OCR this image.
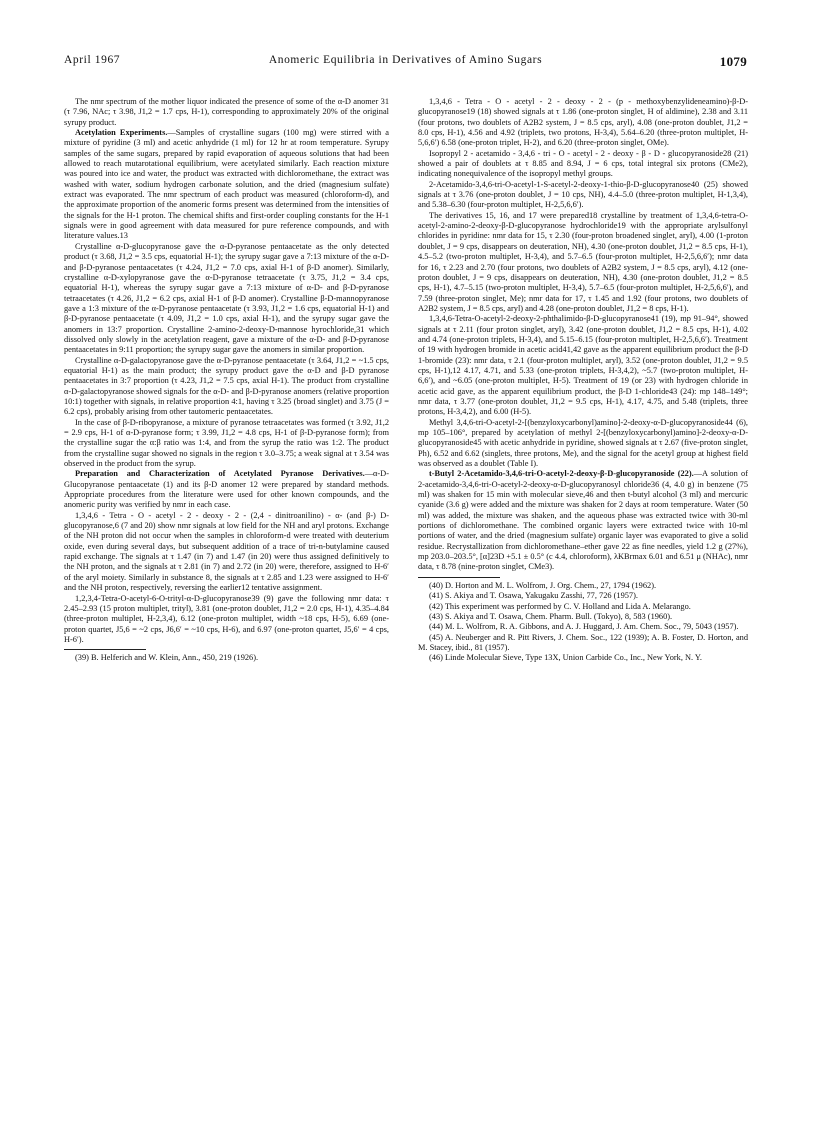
April 1967	Anomeric Equilibria in Derivatives of Amino Sugars	1079

The nmr spectrum of the mother liquor indicated the presence of some of the α-D anomer 31 (τ 7.96, NAc; τ 3.98, J1,2 = 1.7 cps, H-1), corresponding to approximately 20% of the original syrupy product.

Acetylation Experiments.—Samples of crystalline sugars (100 mg) were stirred with a mixture of pyridine (3 ml) and acetic anhydride (1 ml) for 12 hr at room temperature. Syrupy samples of the same sugars, prepared by rapid evaporation of aqueous solutions that had been allowed to reach mutarotational equilibrium, were acetylated similarly. Each reaction mixture was poured into ice and water, the product was extracted with dichloromethane, the extract was washed with water, sodium hydrogen carbonate solution, and the dried (magnesium sulfate) extract was evaporated. The nmr spectrum of each product was measured (chloroform-d), and the approximate proportion of the anomeric forms present was determined from the intensities of the signals for the H-1 proton. The chemical shifts and first-order coupling constants for the H-1 signals were in good agreement with data measured for pure reference compounds, and with literature values.13

Crystalline α-D-glucopyranose gave the α-D-pyranose pentaacetate as the only detected product (τ 3.68, J1,2 = 3.5 cps, equatorial H-1); the syrupy sugar gave a 7:13 mixture of the α-D- and β-D-pyranose pentaacetates (τ 4.24, J1,2 = 7.0 cps, axial H-1 of β-D anomer). Similarly, crystalline α-D-xylopyranose gave the α-D-pyranose tetraacetate (τ 3.75, J1,2 = 3.4 cps, equatorial H-1), whereas the syrupy sugar gave a 7:13 mixture of α-D- and β-D-pyranose tetraacetates (τ 4.26, J1,2 = 6.2 cps, axial H-1 of β-D anomer). Crystalline β-D-mannopyranose gave a 1:3 mixture of the α-D-pyranose pentaacetate (τ 3.93, J1,2 = 1.6 cps, equatorial H-1) and β-D-pyranose pentaacetate (τ 4.09, J1,2 = 1.0 cps, axial H-1), and the syrupy sugar gave the anomers in 13:7 proportion. Crystalline 2-amino-2-deoxy-D-mannose hyrochloride,31 which dissolved only slowly in the acetylation reagent, gave a mixture of the α-D- and β-D-pyranose pentaacetates in 9:11 proportion; the syrupy sugar gave the anomers in similar proportion.

Crystalline α-D-galactopyranose gave the α-D-pyranose pentaacetate (τ 3.64, J1,2 = ~1.5 cps, equatorial H-1) as the main product; the syrupy product gave the α-D and β-D pyranose pentaacetates in 3:7 proportion (τ 4.23, J1,2 = 7.5 cps, axial H-1). The product from crystalline α-D-galactopyranose showed signals for the α-D- and β-D-pyranose anomers (relative proportion 10:1) together with signals, in relative proportion 4:1, having τ 3.25 (broad singlet) and 3.75 (J = 6.2 cps), probably arising from other tautomeric pentaacetates.

In the case of β-D-ribopyranose, a mixture of pyranose tetraacetates was formed (τ 3.92, J1,2 = 2.9 cps, H-1 of α-D-pyranose form; τ 3.99, J1,2 = 4.8 cps, H-1 of β-D-pyranose form); from the crystalline sugar the α:β ratio was 1:4, and from the syrup the ratio was 1:2. The product from the crystalline sugar showed no signals in the region τ 3.0–3.75; a weak signal at τ 3.54 was observed in the product from the syrup.

Preparation and Characterization of Acetylated Pyranose Derivatives.—α-D-Glucopyranose pentaacetate (1) and its β-D anomer 12 were prepared by standard methods. Appropriate procedures from the literature were used for other known compounds, and the anomeric purity was verified by nmr in each case.

1,3,4,6 - Tetra - O - acetyl - 2 - deoxy - 2 - (2,4 - dinitroanilino) - α- (and β-) D-glucopyranose,6 (7 and 20) show nmr signals at low field for the NH and aryl protons. Exchange of the NH proton did not occur when the samples in chloroform-d were treated with deuterium oxide, even during several days, but subsequent addition of a trace of tri-n-butylamine caused rapid exchange. The signals at τ 1.47 (in 7) and 1.47 (in 20) were thus assigned definitively to the NH proton, and the signals at τ 2.81 (in 7) and 2.72 (in 20) were, therefore, assigned to H-6′ of the aryl moiety. Similarly in substance 8, the signals at τ 2.85 and 1.23 were assigned to H-6′ and the NH proton, respectively, reversing the earlier12 tentative assignment.

1,2,3,4-Tetra-O-acetyl-6-O-trityl-α-D-glucopyranose39 (9) gave the following nmr data: τ 2.45–2.93 (15 proton multiplet, trityl), 3.81 (one-proton doublet, J1,2 = 2.0 cps, H-1), 4.35–4.84 (three-proton multiplet, H-2,3,4), 6.12 (one-proton multiplet, width ~18 cps, H-5), 6.69 (one-proton quartet, J5,6 = ~2 cps, J6,6′ = ~10 cps, H-6), and 6.97 (one-proton quartet, J5,6′ = 4 cps, H-6′).

(39) B. Helferich and W. Klein, Ann., 450, 219 (1926).

1,3,4,6 - Tetra - O - acetyl - 2 - deoxy - 2 - (p - methoxybenzylideneamino)-β-D-glucopyranose19 (18) showed signals at τ 1.86 (one-proton singlet, H of aldimine), 2.38 and 3.11 (four protons, two doublets of A2B2 system, J = 8.5 cps, aryl), 4.08 (one-proton doublet, J1,2 = 8.0 cps, H-1), 4.56 and 4.92 (triplets, two protons, H-3,4), 5.64–6.20 (three-proton multiplet, H-5,6,6′) 6.58 (one-proton triplet, H-2), and 6.20 (three-proton singlet, OMe).

Isopropyl 2 - acetamido - 3,4,6 - tri - O - acetyl - 2 - deoxy - β - D - glucopyranoside28 (21) showed a pair of doublets at τ 8.85 and 8.94, J = 6 cps, total integral six protons (CMe2), indicating nonequivalence of the isopropyl methyl groups.

2-Acetamido-3,4,6-tri-O-acetyl-1-S-acetyl-2-deoxy-1-thio-β-D-glucopyranose40 (25) showed signals at τ 3.76 (one-proton doublet, J = 10 cps, NH), 4.4–5.0 (three-proton multiplet, H-1,3,4), and 5.38–6.30 (four-proton multiplet, H-2,5,6,6′).

The derivatives 15, 16, and 17 were prepared18 crystalline by treatment of 1,3,4,6-tetra-O-acetyl-2-amino-2-deoxy-β-D-glucopyranose hydrochloride19 with the appropriate arylsulfonyl chlorides in pyridine: nmr data for 15, τ 2.30 (four-proton broadened singlet, aryl), 4.00 (1-proton doublet, J = 9 cps, disappears on deuteration, NH), 4.30 (one-proton doublet, J1,2 = 8.5 cps, H-1), 4.5–5.2 (two-proton multiplet, H-3,4), and 5.7–6.5 (four-proton multiplet, H-2,5,6,6′); nmr data for 16, τ 2.23 and 2.70 (four protons, two doublets of A2B2 system, J = 8.5 cps, aryl), 4.12 (one-proton doublet, J = 9 cps, disappears on deuteration, NH), 4.30 (one-proton doublet, J1,2 = 8.5 cps, H-1), 4.7–5.15 (two-proton multiplet, H-3,4), 5.7–6.5 (four-proton multiplet, H-2,5,6,6′), and 7.59 (three-proton singlet, Me); nmr data for 17, τ 1.45 and 1.92 (four protons, two doublets of A2B2 system, J = 8.5 cps, aryl) and 4.28 (one-proton doublet, J1,2 = 8 cps, H-1).

1,3,4,6-Tetra-O-acetyl-2-deoxy-2-phthalimido-β-D-glucopyranose41 (19), mp 91–94°, showed signals at τ 2.11 (four proton singlet, aryl), 3.42 (one-proton doublet, J1,2 = 8.5 cps, H-1), 4.02 and 4.74 (one-proton triplets, H-3,4), and 5.15–6.15 (four-proton multiplet, H-2,5,6,6′). Treatment of 19 with hydrogen bromide in acetic acid41,42 gave as the apparent equilibrium product the β-D 1-bromide (23): nmr data, τ 2.1 (four-proton multiplet, aryl), 3.52 (one-proton doublet, J1,2 = 9.5 cps, H-1),12 4.17, 4.71, and 5.33 (one-proton triplets, H-3,4,2), ~5.7 (two-proton multiplet, H-6,6′), and ~6.05 (one-proton multiplet, H-5). Treatment of 19 (or 23) with hydrogen chloride in acetic acid gave, as the apparent equilibrium product, the β-D 1-chloride43 (24): mp 148–149°; nmr data, τ 3.77 (one-proton doublet, J1,2 = 9.5 cps, H-1), 4.17, 4.75, and 5.48 (triplets, three protons, H-3,4,2), and 6.00 (H-5).

Methyl 3,4,6-tri-O-acetyl-2-[(benzyloxycarbonyl)amino]-2-deoxy-α-D-glucopyranoside44 (6), mp 105–106°, prepared by acetylation of methyl 2-[(benzyloxycarbonyl)amino]-2-deoxy-α-D-glucopyranoside45 with acetic anhydride in pyridine, showed signals at τ 2.67 (five-proton singlet, Ph), 6.52 and 6.62 (singlets, three protons, Me), and the signal for the acetyl group at highest field was observed as a doublet (Table I).

t-Butyl 2-Acetamido-3,4,6-tri-O-acetyl-2-deoxy-β-D-glucopyranoside (22).—A solution of 2-acetamido-3,4,6-tri-O-acetyl-2-deoxy-α-D-glucopyranosyl chloride36 (4, 4.0 g) in benzene (75 ml) was shaken for 15 min with molecular sieve,46 and then t-butyl alcohol (3 ml) and mercuric cyanide (3.6 g) were added and the mixture was shaken for 2 days at room temperature. Water (50 ml) was added, the mixture was shaken, and the aqueous phase was extracted twice with 30-ml portions of dichloromethane. The combined organic layers were extracted twice with 10-ml portions of water, and the dried (magnesium sulfate) organic layer was evaporated to give a solid residue. Recrystallization from dichloromethane–ether gave 22 as fine needles, yield 1.2 g (27%), mp 203.0–203.5°, [α]23D +5.1 ± 0.5° (c 4.4, chloroform), λKBrmax 6.01 and 6.51 μ (NHAc), nmr data, τ 8.78 (nine-proton singlet, CMe3).

(40) D. Horton and M. L. Wolfrom, J. Org. Chem., 27, 1794 (1962).

(41) S. Akiya and T. Osawa, Yakugaku Zasshi, 77, 726 (1957).

(42) This experiment was performed by C. V. Holland and Lida A. Melarango.

(43) S. Akiya and T. Osawa, Chem. Pharm. Bull. (Tokyo), 8, 583 (1960).

(44) M. L. Wolfrom, R. A. Gibbons, and A. J. Huggard, J. Am. Chem. Soc., 79, 5043 (1957).

(45) A. Neuberger and R. Pitt Rivers, J. Chem. Soc., 122 (1939); A. B. Foster, D. Horton, and M. Stacey, ibid., 81 (1957).

(46) Linde Molecular Sieve, Type 13X, Union Carbide Co., Inc., New York, N. Y.
